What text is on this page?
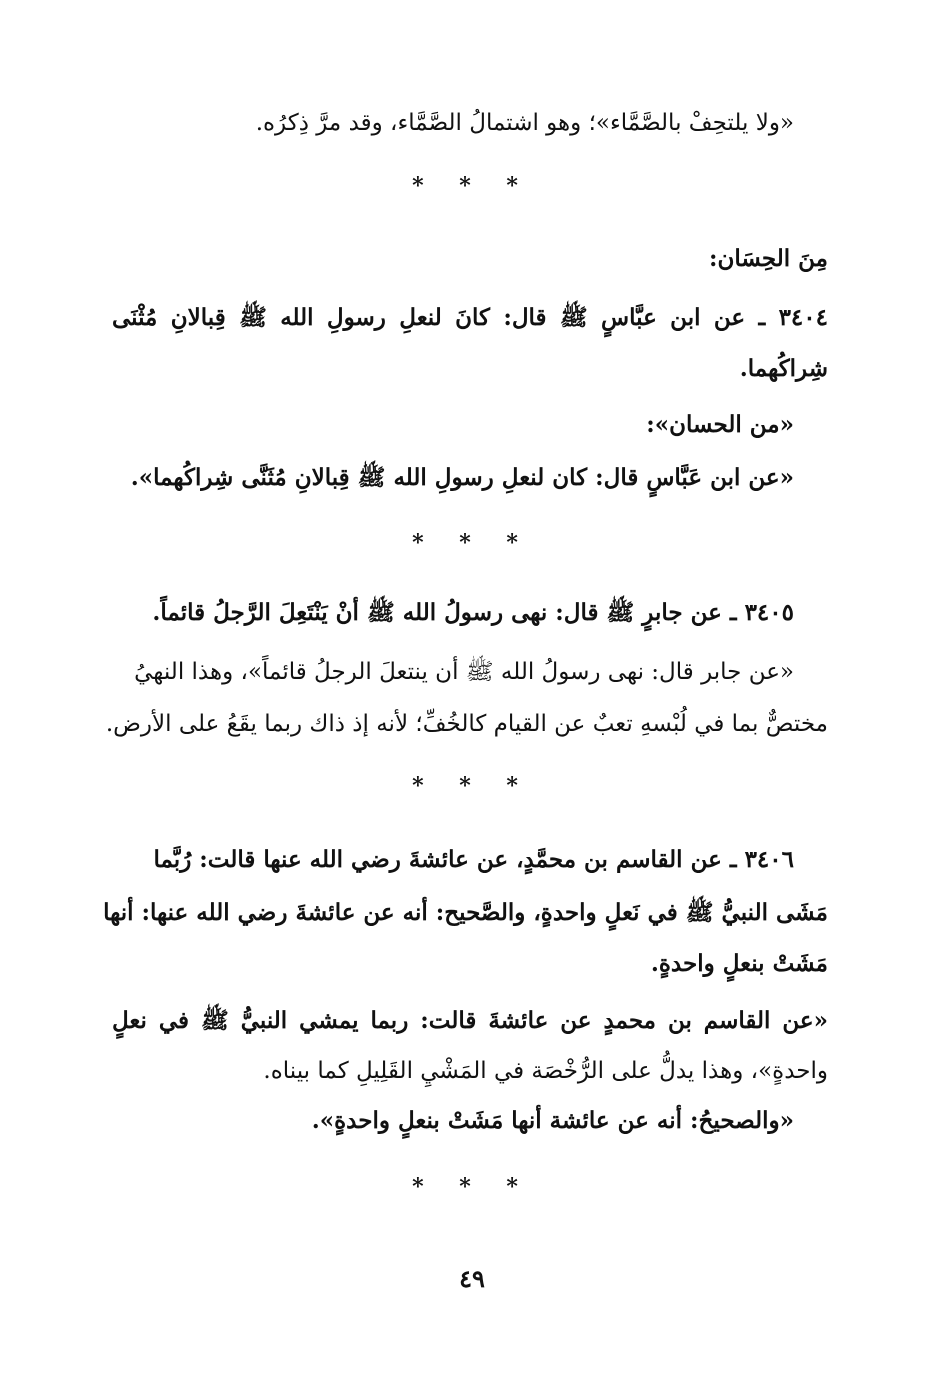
«ولا يلتحِفْ بالصَّمَّاء»؛ وهو اشتمالُ الصَّمَّاء، وقد مرَّ ذِكرُه.
* * *
مِنَ الحِسَان:
٣٤٠٤ ـ عن ابن عبَّاسٍ ﷺ قال: كانَ لنعلِ رسولِ الله ﷺ قِبالانِ مُثْنَى
شِراكُهما.
«من الحسان»:
«عن ابن عَبَّاسٍ قال: كان لنعلِ رسولِ الله ﷺ قِبالانِ مُثَنَّى شِراكُهما».
* * *
٣٤٠٥ ـ عن جابرٍ ﷺ قال: نهى رسولُ الله ﷺ أنْ يَنْتَعِلَ الرَّجلُ قائماً.
«عن جابر قال: نهى رسولُ الله ﷺ أن ينتعلَ الرجلُ قائماً»، وهذا النهيُ
مختصٌّ بما في لُبْسهِ تعبٌ عن القيام كالخُفِّ؛ لأنه إذ ذاك ربما يقَعُ على الأرض.
* * *
٣٤٠٦ ـ عن القاسم بن محمَّدٍ، عن عائشةَ رضي الله عنها قالت: رُبَّما
مَشَى النبيُّ ﷺ في نَعلٍ واحدةٍ، والصَّحيح: أنه عن عائشةَ رضي الله عنها: أنها
مَشَتْ بنعلٍ واحدةٍ.
«عن القاسم بن محمدٍ عن عائشةَ قالت: ربما يمشي النبيُّ ﷺ في نعلٍ
واحدةٍ»، وهذا يدلُّ على الرُّخْصَة في المَشْيِ القَلِيلِ كما بيناه.
«والصحيحُ: أنه عن عائشة أنها مَشَتْ بنعلٍ واحدةٍ».
* * *
٤٩
